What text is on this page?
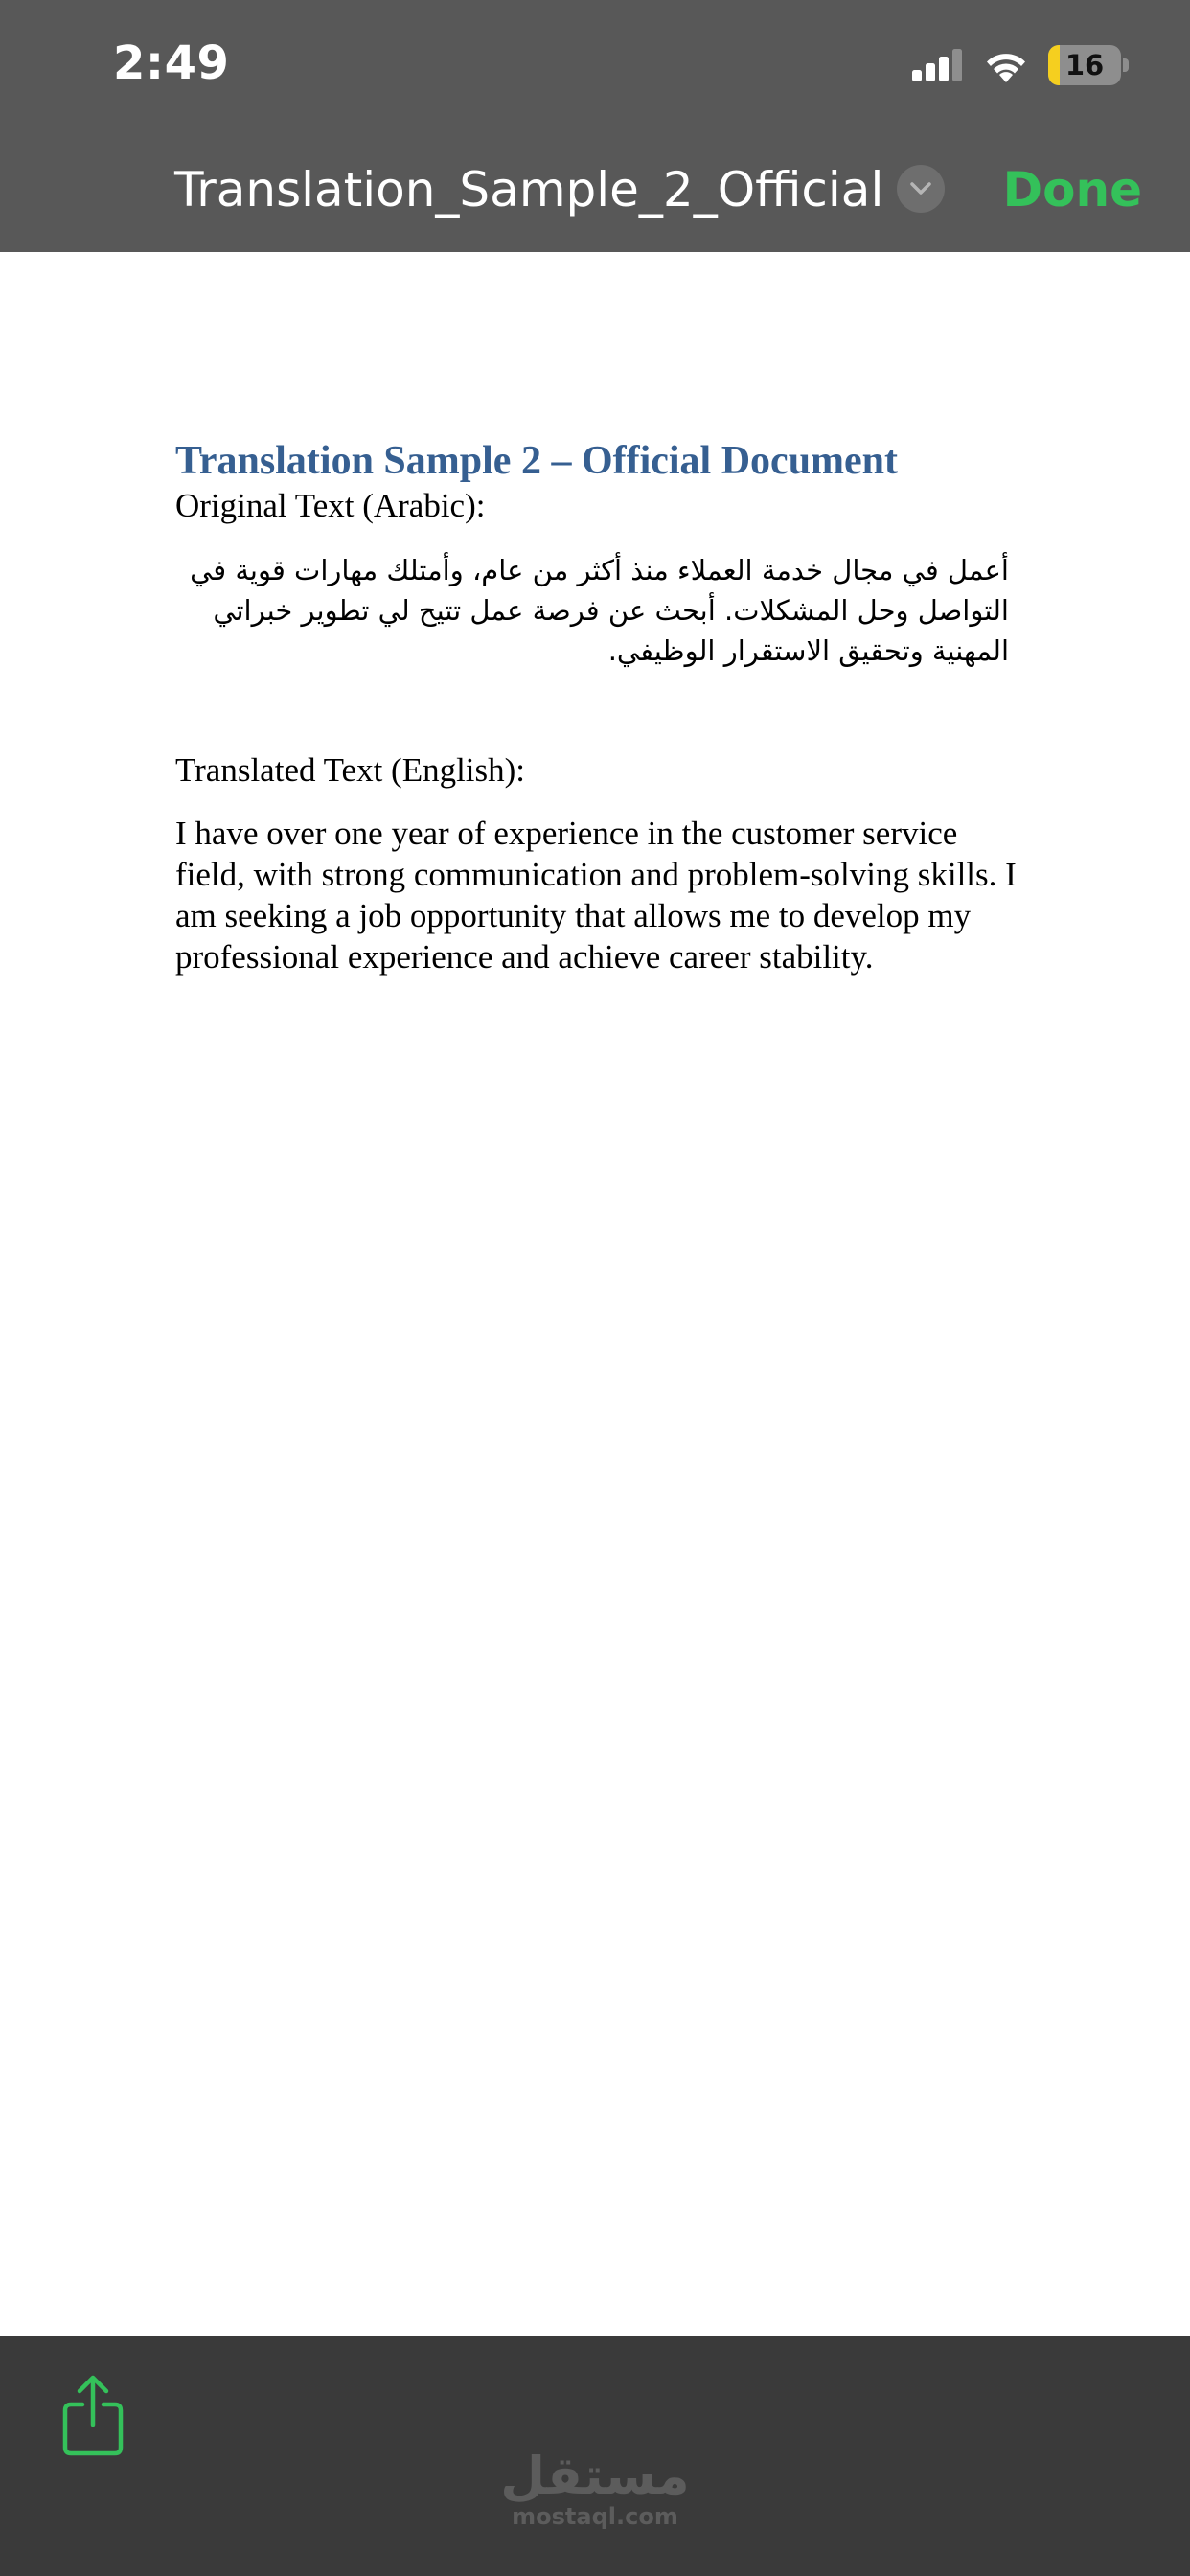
2:49	16
Translation_Sample_2_Official Done
Translation Sample 2 – Official Document

Original Text (Arabic):

أعمل في مجال خدمة العملاء منذ أكثر من عام، وأمتلك مهارات قوية في التواصل وحل المشكلات. أبحث عن فرصة عمل تتيح لي تطوير خبراتي المهنية وتحقيق الاستقرار الوظيفي.

Translated Text (English):

I have over one year of experience in the customer service field, with strong communication and problem-solving skills. I am seeking a job opportunity that allows me to develop my professional experience and achieve career stability.

مستقل
mostaql.com
